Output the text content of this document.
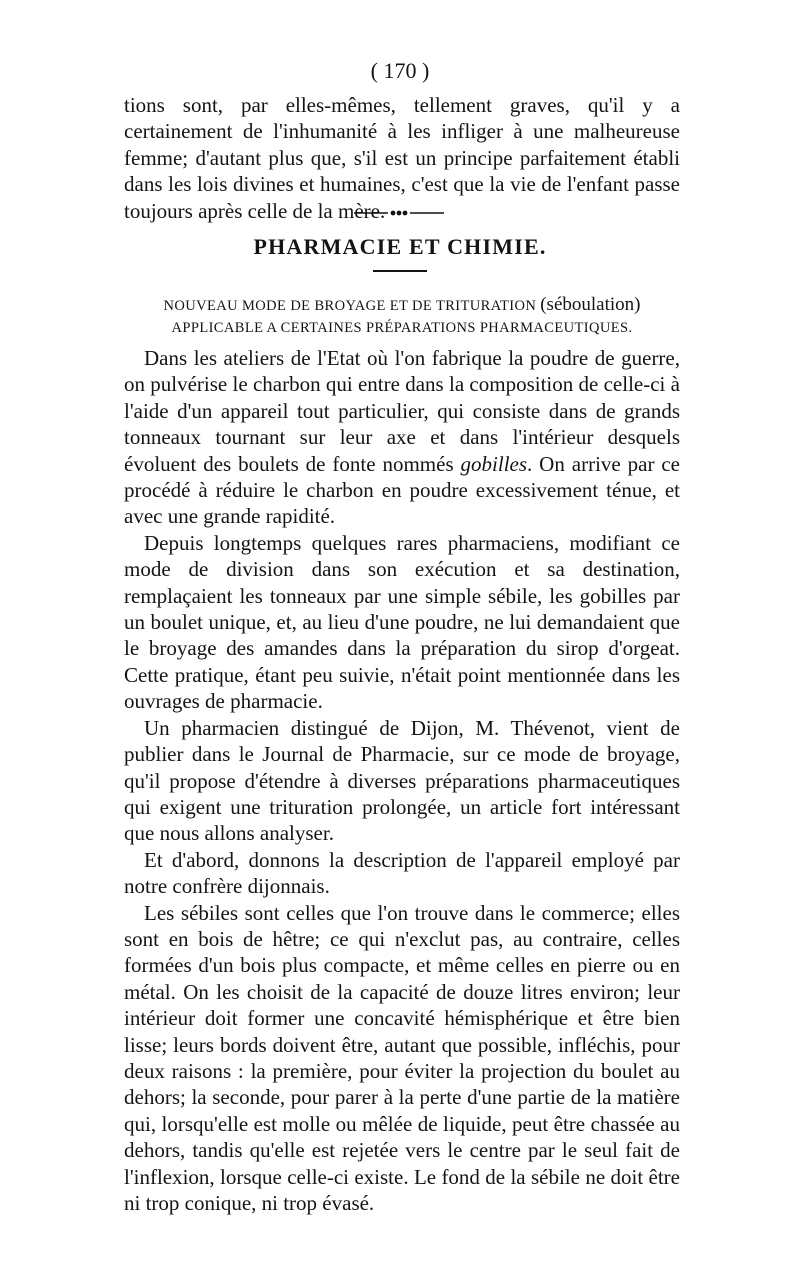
( 170 )

tions sont, par elles-mêmes, tellement graves, qu'il y a certainement de l'inhumanité à les infliger à une malheureuse femme; d'autant plus que, s'il est un principe parfaitement établi dans les lois divines et humaines, c'est que la vie de l'enfant passe toujours après celle de la mère.

PHARMACIE ET CHIMIE.
NOUVEAU MODE DE BROYAGE ET DE TRITURATION (séboulation)
APPLICABLE A CERTAINES PRÉPARATIONS PHARMACEUTIQUES.

Dans les ateliers de l'Etat où l'on fabrique la poudre de guerre, on pulvérise le charbon qui entre dans la composition de celle-ci à l'aide d'un appareil tout particulier, qui consiste dans de grands tonneaux tournant sur leur axe et dans l'intérieur desquels évoluent des boulets de fonte nommés gobilles. On arrive par ce procédé à réduire le charbon en poudre excessivement ténue, et avec une grande rapidité.

Depuis longtemps quelques rares pharmaciens, modifiant ce mode de division dans son exécution et sa destination, remplaçaient les tonneaux par une simple sébile, les gobilles par un boulet unique, et, au lieu d'une poudre, ne lui demandaient que le broyage des amandes dans la préparation du sirop d'orgeat. Cette pratique, étant peu suivie, n'était point mentionnée dans les ouvrages de pharmacie.

Un pharmacien distingué de Dijon, M. Thévenot, vient de publier dans le Journal de Pharmacie, sur ce mode de broyage, qu'il propose d'étendre à diverses préparations pharmaceutiques qui exigent une trituration prolongée, un article fort intéressant que nous allons analyser.

Et d'abord, donnons la description de l'appareil employé par notre confrère dijonnais.

Les sébiles sont celles que l'on trouve dans le commerce; elles sont en bois de hêtre; ce qui n'exclut pas, au contraire, celles formées d'un bois plus compacte, et même celles en pierre ou en métal. On les choisit de la capacité de douze litres environ; leur intérieur doit former une concavité hémisphérique et être bien lisse; leurs bords doivent être, autant que possible, infléchis, pour deux raisons : la première, pour éviter la projection du boulet au dehors; la seconde, pour parer à la perte d'une partie de la matière qui, lorsqu'elle est molle ou mêlée de liquide, peut être chassée au dehors, tandis qu'elle est rejetée vers le centre par le seul fait de l'inflexion, lorsque celle-ci existe. Le fond de la sébile ne doit être ni trop conique, ni trop évasé.
